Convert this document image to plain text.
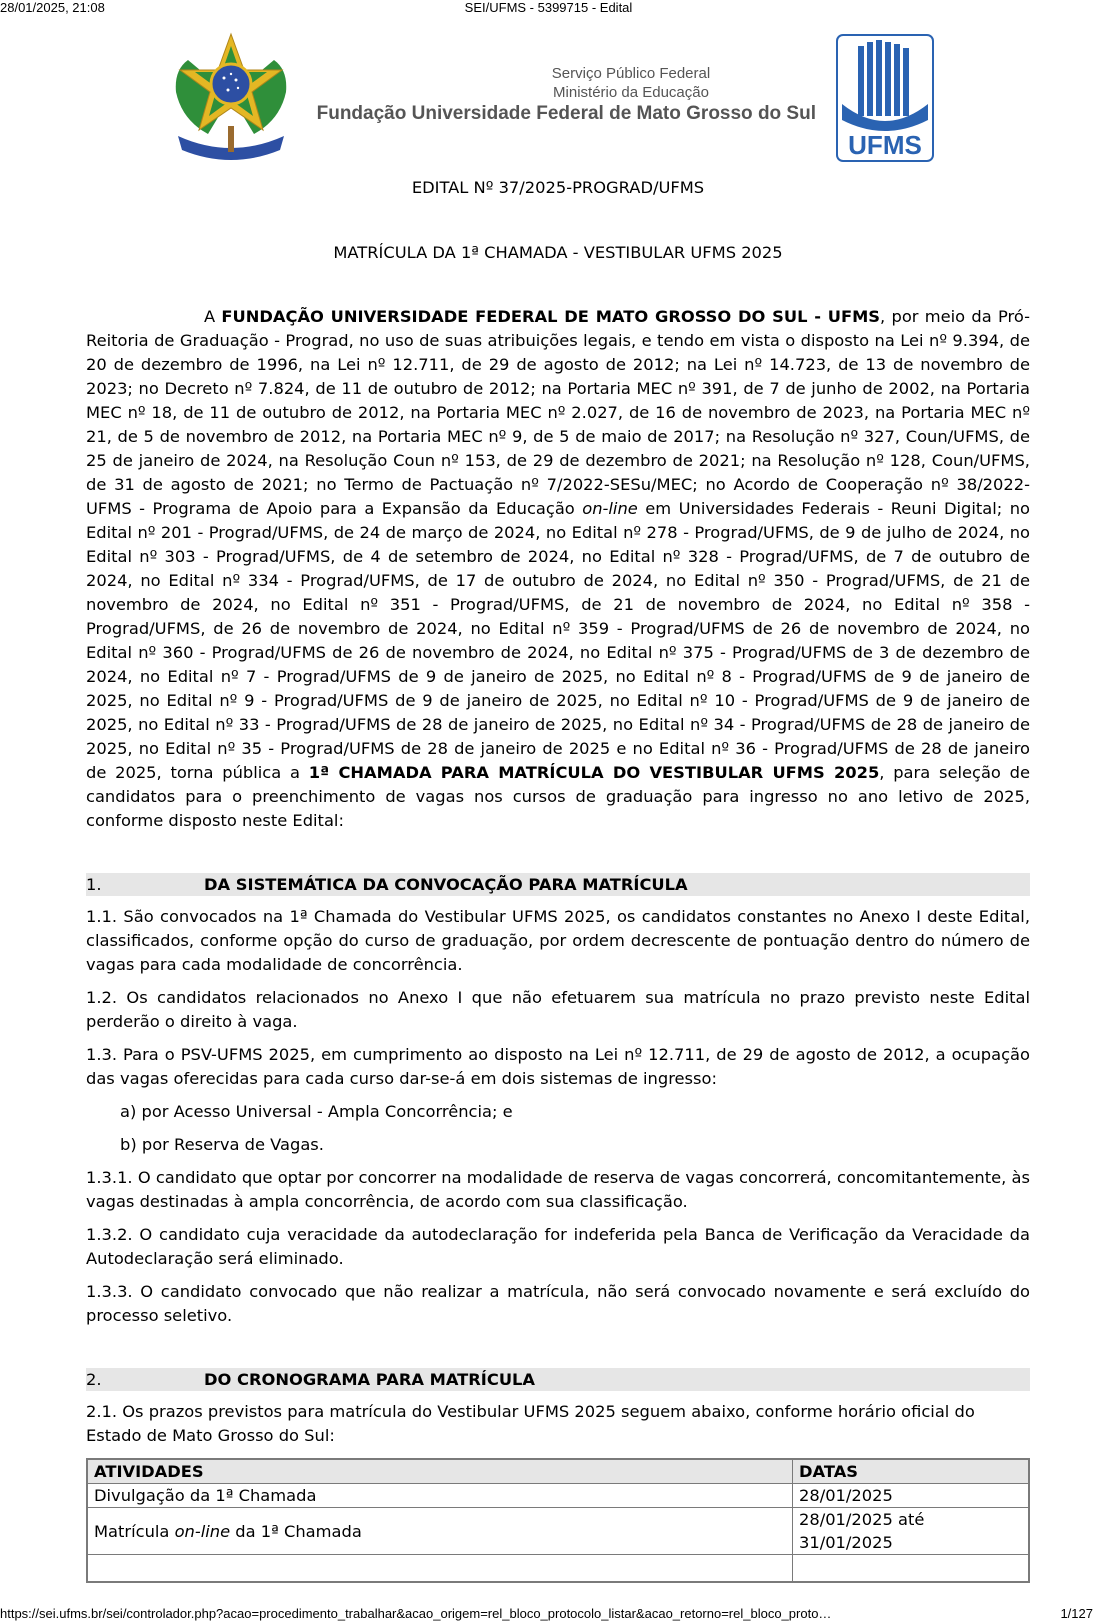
28/01/2025, 21:08	SEI/UFMS - 5399715 - Edital
Serviço Público Federal
Ministério da Educação
Fundação Universidade Federal de Mato Grosso do Sul
UFMS
EDITAL Nº 37/2025-PROGRAD/UFMS
MATRÍCULA DA 1ª CHAMADA - VESTIBULAR UFMS 2025
A FUNDAÇÃO UNIVERSIDADE FEDERAL DE MATO GROSSO DO SUL - UFMS, por meio da Pró-Reitoria de Graduação - Prograd, no uso de suas atribuições legais, e tendo em vista o disposto na Lei nº 9.394, de 20 de dezembro de 1996, na Lei nº 12.711, de 29 de agosto de 2012; na Lei nº 14.723, de 13 de novembro de 2023; no Decreto nº 7.824, de 11 de outubro de 2012; na Portaria MEC nº 391, de 7 de junho de 2002, na Portaria MEC nº 18, de 11 de outubro de 2012, na Portaria MEC nº 2.027, de 16 de novembro de 2023, na Portaria MEC nº 21, de 5 de novembro de 2012, na Portaria MEC nº 9, de 5 de maio de 2017; na Resolução nº 327, Coun/UFMS, de 25 de janeiro de 2024, na Resolução Coun nº 153, de 29 de dezembro de 2021; na Resolução nº 128, Coun/UFMS, de 31 de agosto de 2021; no Termo de Pactuação nº 7/2022-SESu/MEC; no Acordo de Cooperação nº 38/2022-UFMS - Programa de Apoio para a Expansão da Educação on-line em Universidades Federais - Reuni Digital; no Edital nº 201 - Prograd/UFMS, de 24 de março de 2024, no Edital nº 278 - Prograd/UFMS, de 9 de julho de 2024, no Edital nº 303 - Prograd/UFMS, de 4 de setembro de 2024, no Edital nº 328 - Prograd/UFMS, de 7 de outubro de 2024, no Edital nº 334 - Prograd/UFMS, de 17 de outubro de 2024, no Edital nº 350 - Prograd/UFMS, de 21 de novembro de 2024, no Edital nº 351 - Prograd/UFMS, de 21 de novembro de 2024, no Edital nº 358 - Prograd/UFMS, de 26 de novembro de 2024, no Edital nº 359 - Prograd/UFMS de 26 de novembro de 2024, no Edital nº 360 - Prograd/UFMS de 26 de novembro de 2024, no Edital nº 375 - Prograd/UFMS de 3 de dezembro de 2024, no Edital nº 7 - Prograd/UFMS de 9 de janeiro de 2025, no Edital nº 8 - Prograd/UFMS de 9 de janeiro de 2025, no Edital nº 9 - Prograd/UFMS de 9 de janeiro de 2025, no Edital nº 10 - Prograd/UFMS de 9 de janeiro de 2025, no Edital nº 33 - Prograd/UFMS de 28 de janeiro de 2025, no Edital nº 34 - Prograd/UFMS de 28 de janeiro de 2025, no Edital nº 35 - Prograd/UFMS de 28 de janeiro de 2025 e no Edital nº 36 - Prograd/UFMS de 28 de janeiro de 2025, torna pública a 1ª CHAMADA PARA MATRÍCULA DO VESTIBULAR UFMS 2025, para seleção de candidatos para o preenchimento de vagas nos cursos de graduação para ingresso no ano letivo de 2025, conforme disposto neste Edital:
1.	DA SISTEMÁTICA DA CONVOCAÇÃO PARA MATRÍCULA
1.1. São convocados na 1ª Chamada do Vestibular UFMS 2025, os candidatos constantes no Anexo I deste Edital, classificados, conforme opção do curso de graduação, por ordem decrescente de pontuação dentro do número de vagas para cada modalidade de concorrência.
1.2. Os candidatos relacionados no Anexo I que não efetuarem sua matrícula no prazo previsto neste Edital perderão o direito à vaga.
1.3. Para o PSV-UFMS 2025, em cumprimento ao disposto na Lei nº 12.711, de 29 de agosto de 2012, a ocupação das vagas oferecidas para cada curso dar-se-á em dois sistemas de ingresso:
a) por Acesso Universal - Ampla Concorrência; e
b) por Reserva de Vagas.
1.3.1. O candidato que optar por concorrer na modalidade de reserva de vagas concorrerá, concomitantemente, às vagas destinadas à ampla concorrência, de acordo com sua classificação.
1.3.2. O candidato cuja veracidade da autodeclaração for indeferida pela Banca de Verificação da Veracidade da Autodeclaração será eliminado.
1.3.3. O candidato convocado que não realizar a matrícula, não será convocado novamente e será excluído do processo seletivo.
2.	DO CRONOGRAMA PARA MATRÍCULA
2.1. Os prazos previstos para matrícula do Vestibular UFMS 2025 seguem abaixo, conforme horário oficial do Estado de Mato Grosso do Sul:
ATIVIDADES	DATAS
Divulgação da 1ª Chamada	28/01/2025
Matrícula on-line da 1ª Chamada	28/01/2025 até 31/01/2025

https://sei.ufms.br/sei/controlador.php?acao=procedimento_trabalhar&acao_origem=rel_bloco_protocolo_listar&acao_retorno=rel_bloco_proto…	1/127
